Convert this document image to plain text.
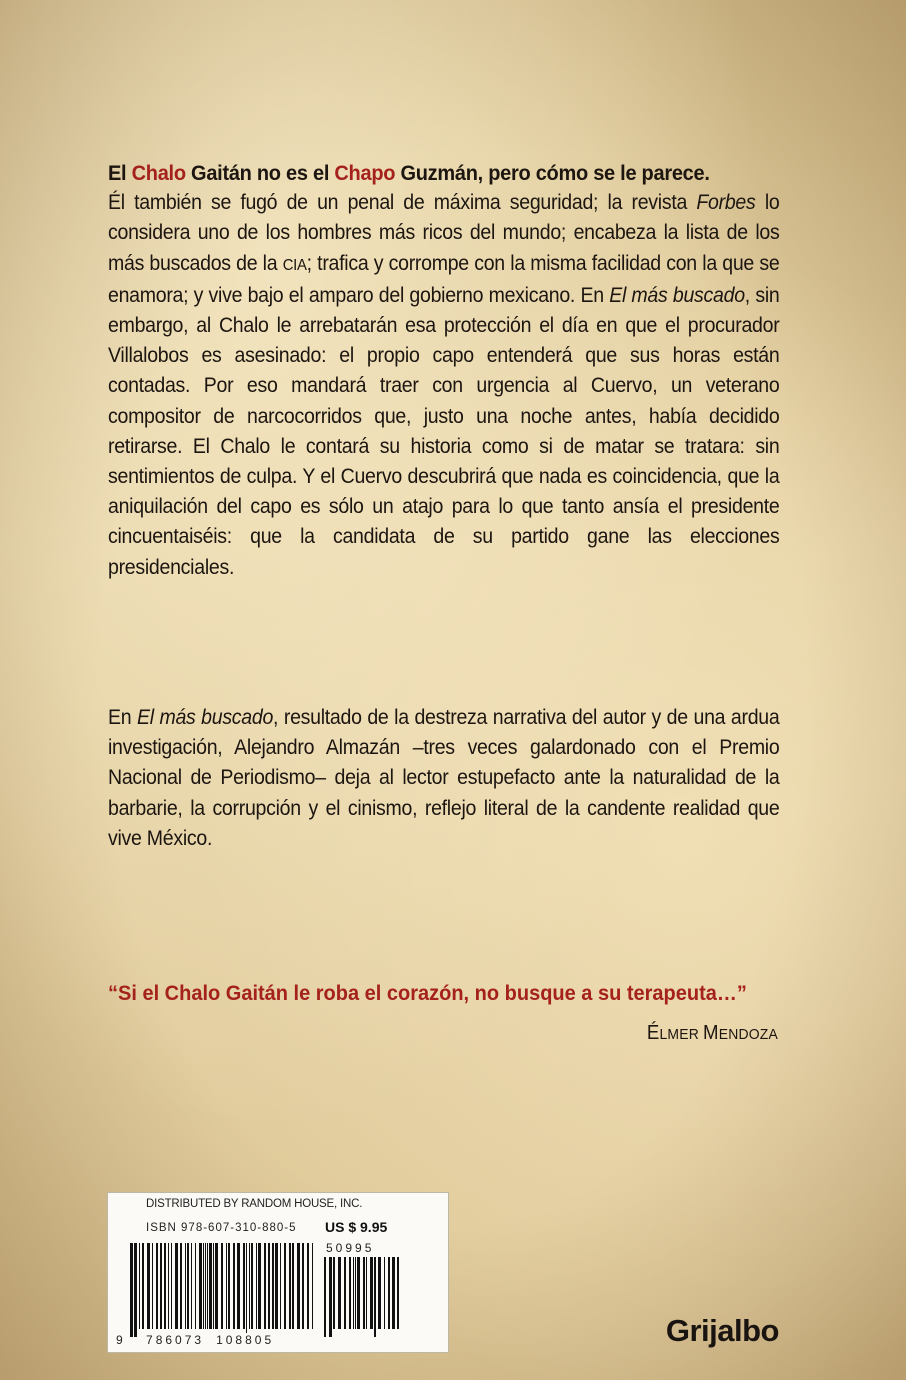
El Chalo Gaitán no es el Chapo Guzmán, pero cómo se le parece.
Él también se fugó de un penal de máxima seguridad; la revista Forbes lo considera uno de los hombres más ricos del mundo; encabeza la lista de los más buscados de la CIA; trafica y corrompe con la misma facilidad con la que se enamora; y vive bajo el amparo del gobierno mexicano. En El más buscado, sin embargo, al Chalo le arrebatarán esa protección el día en que el procurador Villalobos es asesinado: el propio capo entenderá que sus horas están contadas. Por eso mandará traer con urgencia al Cuervo, un veterano compositor de narcocorridos que, justo una noche antes, había decidido retirarse. El Chalo le contará su historia como si de matar se tratara: sin sentimientos de culpa. Y el Cuervo descubrirá que nada es coincidencia, que la aniquilación del capo es sólo un atajo para lo que tanto ansía el presidente cincuentaiséis: que la candidata de su partido gane las elecciones presidenciales.
En El más buscado, resultado de la destreza narrativa del autor y de una ardua investigación, Alejandro Almazán –tres veces galardonado con el Premio Nacional de Periodismo– deja al lector estupefacto ante la naturalidad de la barbarie, la corrupción y el cinismo, reflejo literal de la candente realidad que vive México.
“Si el Chalo Gaitán le roba el corazón, no busque a su terapeuta…”
ÉLMER MENDOZA
DISTRIBUTED BY RANDOM HOUSE, INC.
ISBN 978-607-310-880-5 US $ 9.95
50995
9 786073 108805	Grijalbo
